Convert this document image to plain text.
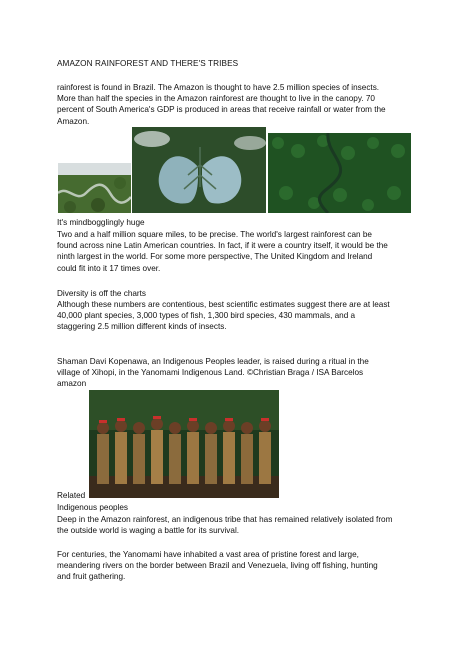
AMAZON RAINFOREST AND THERE'S TRIBES

rainforest is found in Brazil. The Amazon is thought to have 2.5 million species of insects.
More than half the species in the Amazon rainforest are thought to live in the canopy. 70
percent of South America's GDP is produced in areas that receive rainfall or water from the
Amazon.

It's mindbogglingly huge

Two and a half million square miles, to be precise. The world's largest rainforest can be
found across nine Latin American countries. In fact, if it were a country itself, it would be the
ninth largest in the world. For some more perspective, The United Kingdom and Ireland
could fit into it 17 times over.

Diversity is off the charts

Although these numbers are contentious, best scientific estimates suggest there are at least
40,000 plant species, 3,000 types of fish, 1,300 bird species, 430 mammals, and a
staggering 2.5 million different kinds of insects.
Shaman Davi Kopenawa, an Indigenous Peoples leader, is raised during a ritual in the
village of Xihopi, in the Yanomami Indigenous Land. ©Christian Braga / ISA Barcelos
amazon

Related

Indigenous peoples

Deep in the Amazon rainforest, an indigenous tribe that has remained relatively isolated from
the outside world is waging a battle for its survival.
For centuries, the Yanomami have inhabited a vast area of pristine forest and large,
meandering rivers on the border between Brazil and Venezuela, living off fishing, hunting
and fruit gathering.
